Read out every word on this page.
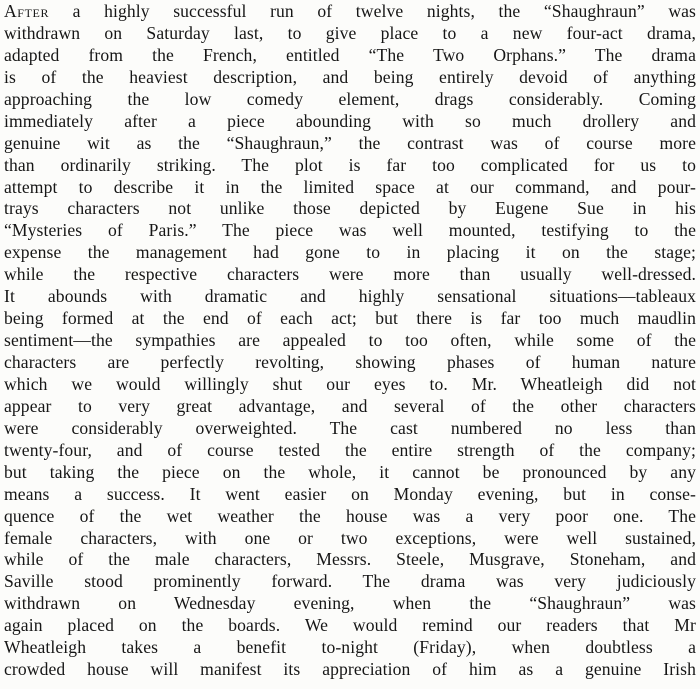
After a highly successful run of twelve nights, the “Shaughraun” was
withdrawn on Saturday last, to give place to a new four-act drama,
adapted from the French, entitled “The Two Orphans.” The drama
is of the heaviest description, and being entirely devoid of anything
approaching the low comedy element, drags considerably. Coming
immediately after a piece abounding with so much drollery and
genuine wit as the “Shaughraun,” the contrast was of course more
than ordinarily striking. The plot is far too complicated for us to
attempt to describe it in the limited space at our command, and pour-
trays characters not unlike those depicted by Eugene Sue in his
“Mysteries of Paris.” The piece was well mounted, testifying to the
expense the management had gone to in placing it on the stage;
while the respective characters were more than usually well-dressed.
It abounds with dramatic and highly sensational situations—tableaux
being formed at the end of each act; but there is far too much maudlin
sentiment—the sympathies are appealed to too often, while some of the
characters are perfectly revolting, showing phases of human nature
which we would willingly shut our eyes to. Mr. Wheatleigh did not
appear to very great advantage, and several of the other characters
were considerably overweighted. The cast numbered no less than
twenty-four, and of course tested the entire strength of the company;
but taking the piece on the whole, it cannot be pronounced by any
means a success. It went easier on Monday evening, but in conse-
quence of the wet weather the house was a very poor one. The
female characters, with one or two exceptions, were well sustained,
while of the male characters, Messrs. Steele, Musgrave, Stoneham, and
Saville stood prominently forward. The drama was very judiciously
withdrawn on Wednesday evening, when the “Shaughraun” was
again placed on the boards. We would remind our readers that Mr
Wheatleigh takes a benefit to-night (Friday), when doubtless a
crowded house will manifest its appreciation of him as a genuine Irish
